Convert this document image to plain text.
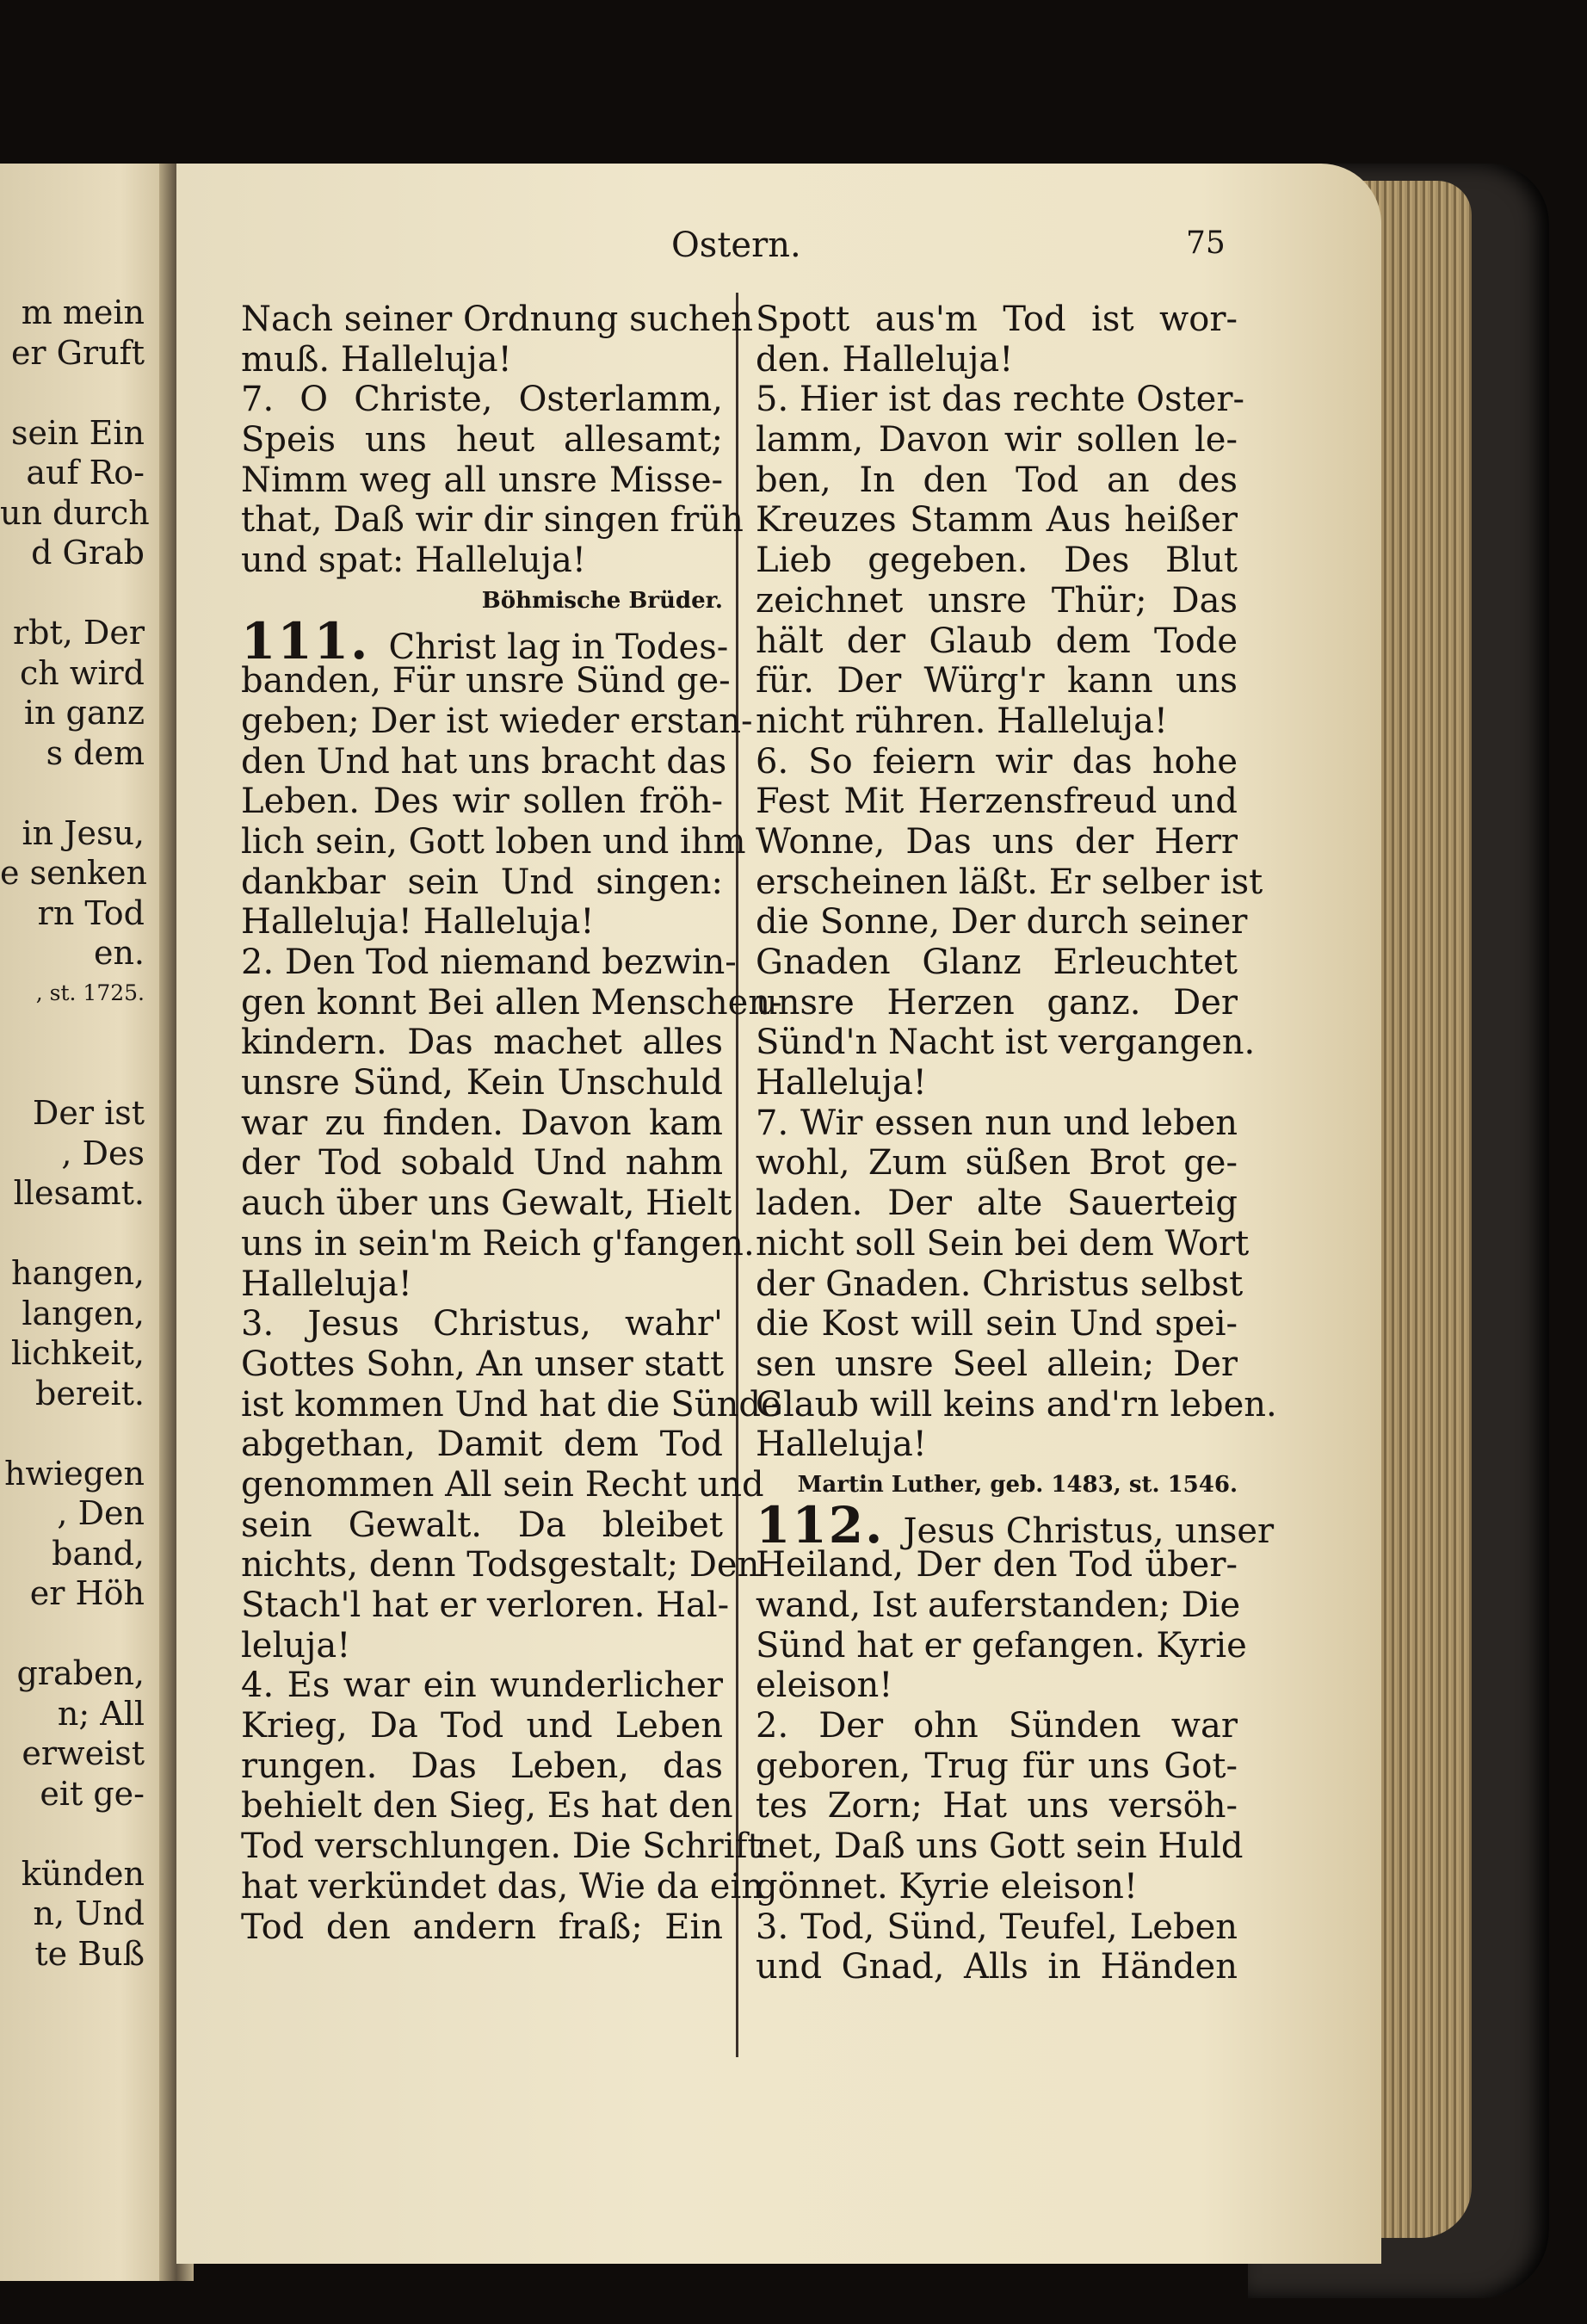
m mein
er Gruft
sein Ein
auf Ro-
un durch
d Grab
rbt, Der
ch wird
in ganz
s dem
in Jesu,
e senken
rn Tod
en.
, st. 1725.
Der ist
, Des
llesamt.
hangen,
langen,
lichkeit,
bereit.
hwiegen
, Den
band,
er Höh
graben,
n; All
erweist
eit ge-
künden
n, Und
te Buß
Ostern.	75
Nach seiner Ordnung suchen
muß. Halleluja!
7. O Christe, Osterlamm,
Speis uns heut allesamt;
Nimm weg all unsre Misse-
that, Daß wir dir singen früh
und spat: Halleluja!
Böhmische Brüder.
111. Christ lag in Todes-
banden, Für unsre Sünd ge-
geben; Der ist wieder erstan-
den Und hat uns bracht das
Leben. Des wir sollen fröh-
lich sein, Gott loben und ihm
dankbar sein Und singen:
Halleluja! Halleluja!
2. Den Tod niemand bezwin-
gen konnt Bei allen Menschen-
kindern. Das machet alles
unsre Sünd, Kein Unschuld
war zu finden. Davon kam
der Tod sobald Und nahm
auch über uns Gewalt, Hielt
uns in sein'm Reich g'fangen.
Halleluja!
3. Jesus Christus, wahr'
Gottes Sohn, An unser statt
ist kommen Und hat die Sünde
abgethan, Damit dem Tod
genommen All sein Recht und
sein Gewalt. Da bleibet
nichts, denn Todsgestalt; Den
Stach'l hat er verloren. Hal-
leluja!
4. Es war ein wunderlicher
Krieg, Da Tod und Leben
rungen. Das Leben, das
behielt den Sieg, Es hat den
Tod verschlungen. Die Schrift
hat verkündet das, Wie da ein
Tod den andern fraß; Ein
Spott aus'm Tod ist wor-
den. Halleluja!
5. Hier ist das rechte Oster-
lamm, Davon wir sollen le-
ben, In den Tod an des
Kreuzes Stamm Aus heißer
Lieb gegeben. Des Blut
zeichnet unsre Thür; Das
hält der Glaub dem Tode
für. Der Würg'r kann uns
nicht rühren. Halleluja!
6. So feiern wir das hohe
Fest Mit Herzensfreud und
Wonne, Das uns der Herr
erscheinen läßt. Er selber ist
die Sonne, Der durch seiner
Gnaden Glanz Erleuchtet
unsre Herzen ganz. Der
Sünd'n Nacht ist vergangen.
Halleluja!
7. Wir essen nun und leben
wohl, Zum süßen Brot ge-
laden. Der alte Sauerteig
nicht soll Sein bei dem Wort
der Gnaden. Christus selbst
die Kost will sein Und spei-
sen unsre Seel allein; Der
Glaub will keins and'rn leben.
Halleluja!
Martin Luther, geb. 1483, st. 1546.
112. Jesus Christus, unser
Heiland, Der den Tod über-
wand, Ist auferstanden; Die
Sünd hat er gefangen. Kyrie
eleison!
2. Der ohn Sünden war
geboren, Trug für uns Got-
tes Zorn; Hat uns versöh-
net, Daß uns Gott sein Huld
gönnet. Kyrie eleison!
3. Tod, Sünd, Teufel, Leben
und Gnad, Alls in Händen
